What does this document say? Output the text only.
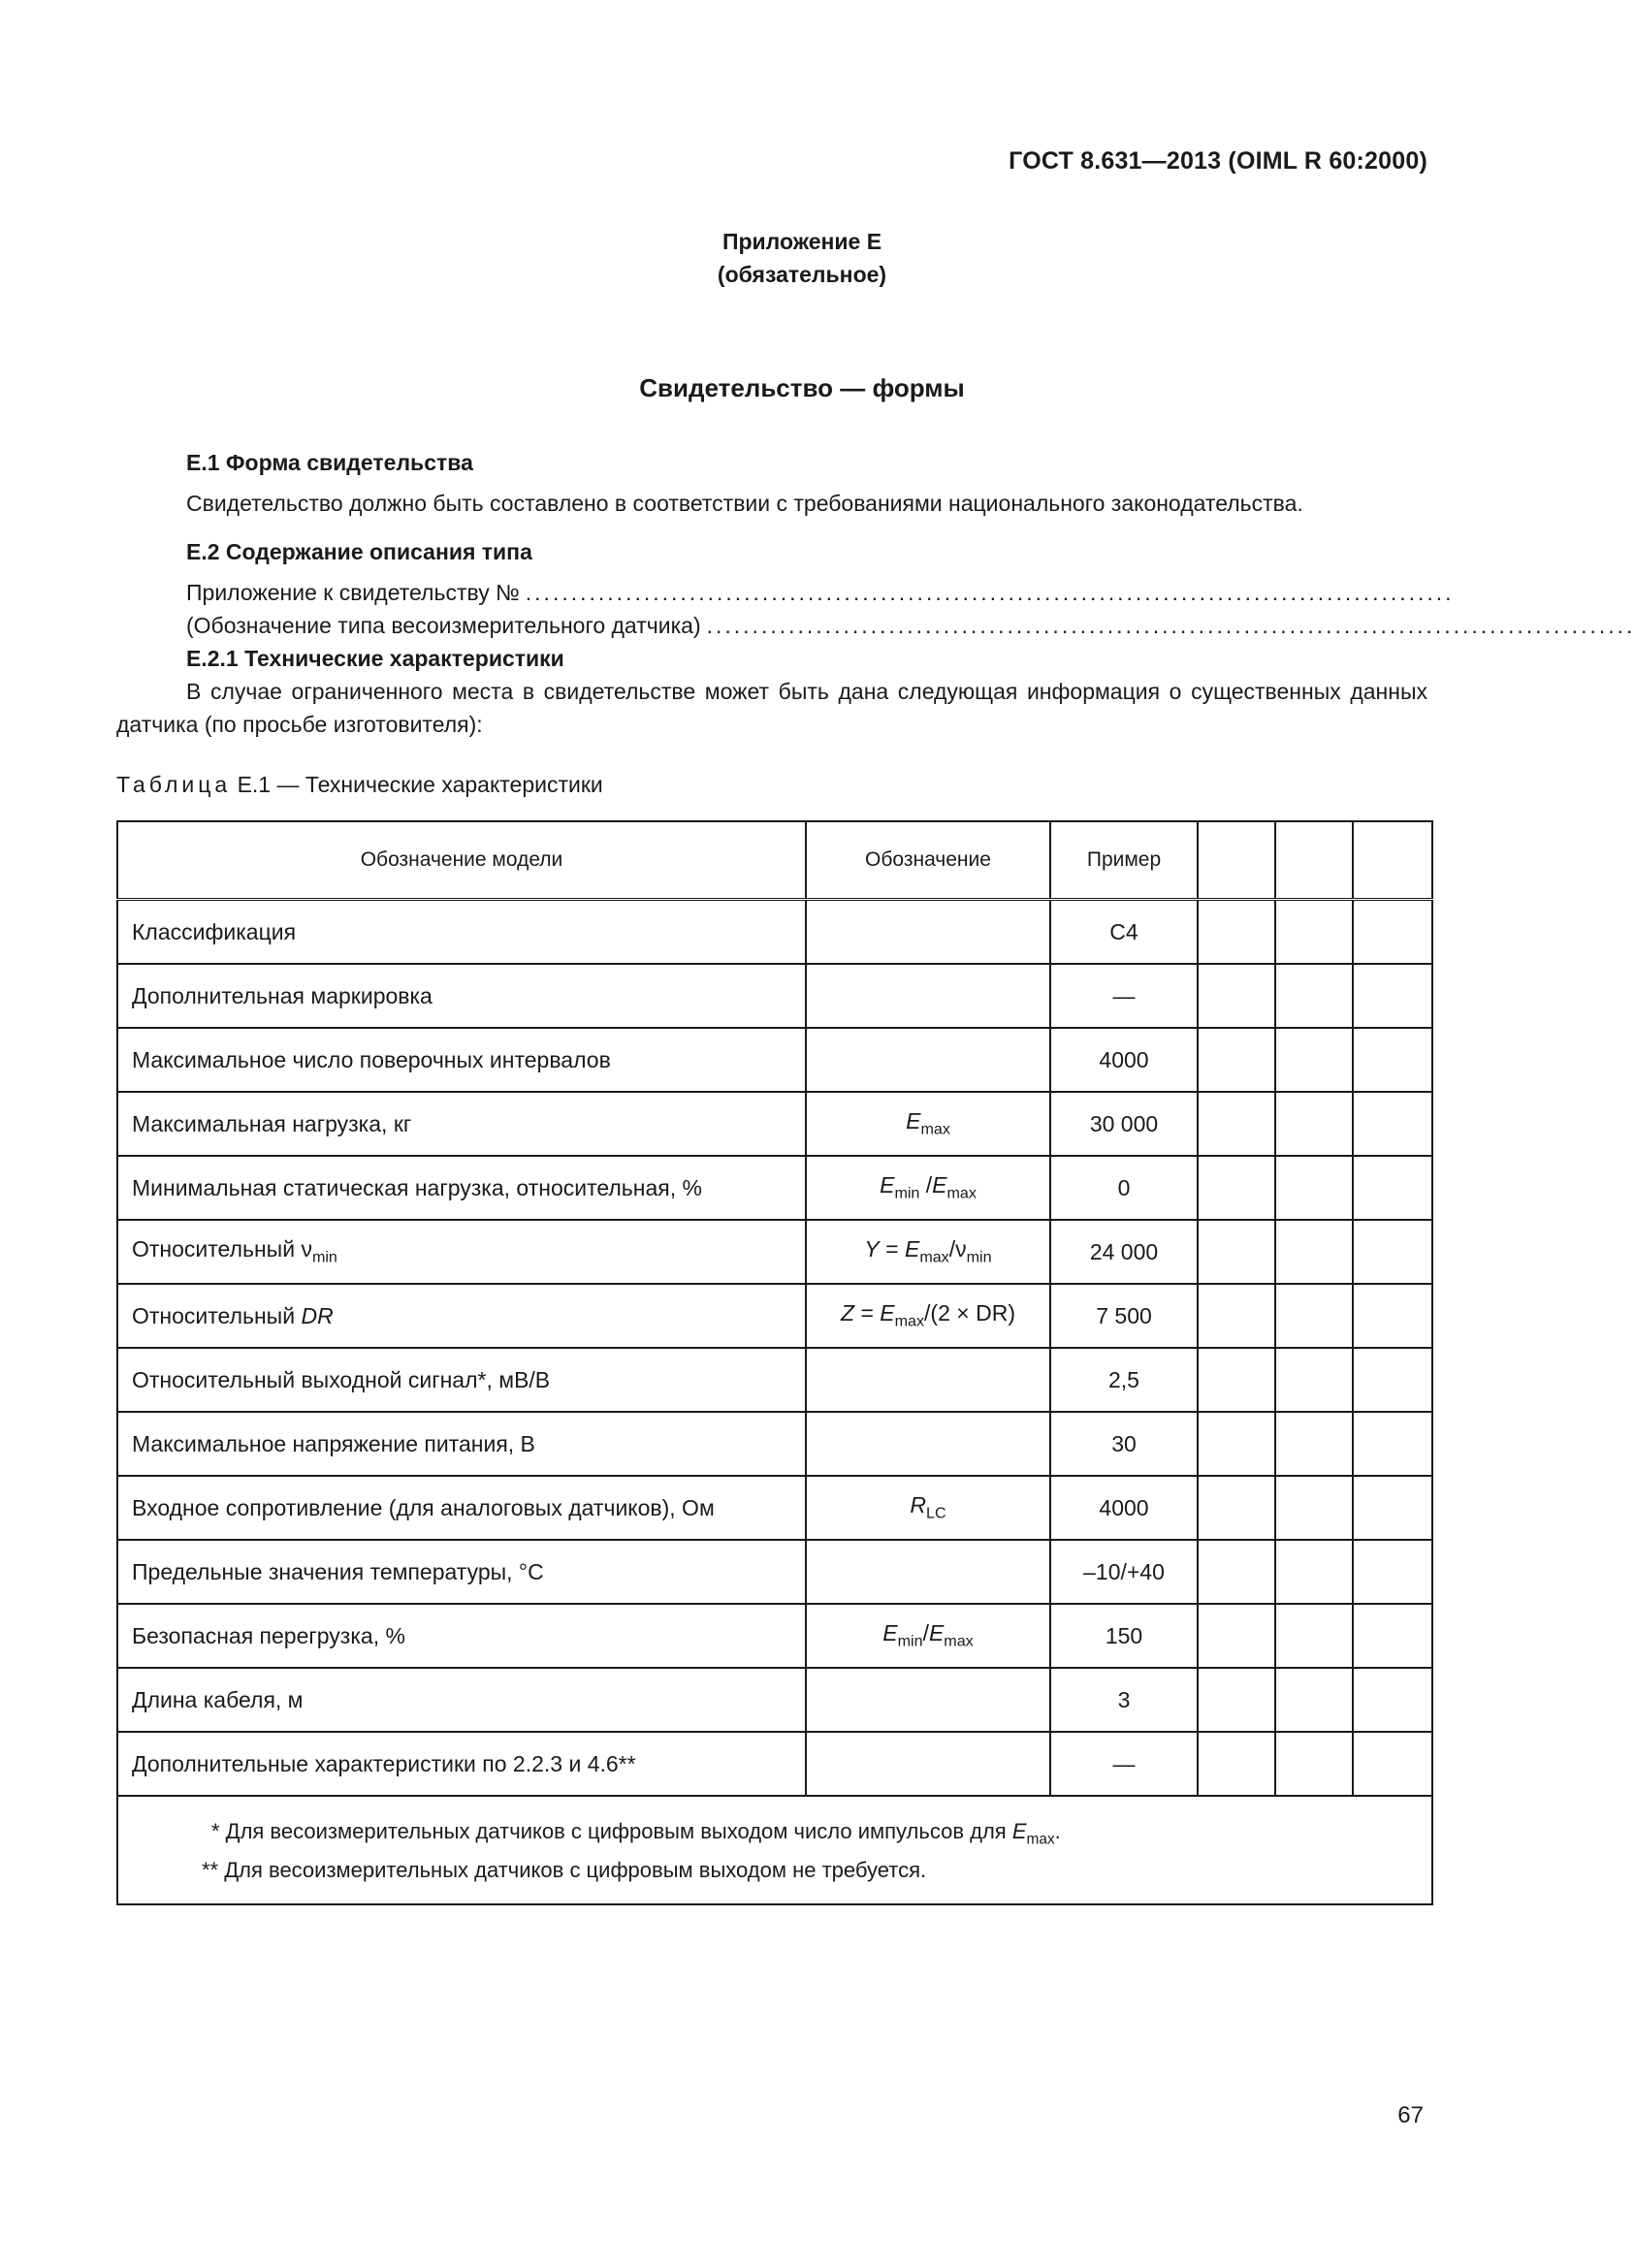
ГОСТ 8.631—2013 (OIML R 60:2000)
Приложение Е
(обязательное)
Свидетельство — формы
Е.1 Форма свидетельства
Свидетельство должно быть составлено в соответствии с требованиями национального законодательства.
Е.2 Содержание описания типа
Приложение к свидетельству № ......................................................................................................
(Обозначение типа весоизмерительного датчика) ......................................................................................................
Е.2.1 Технические характеристики
В случае ограниченного места в свидетельстве может быть дана следующая информация о существенных данных датчика (по просьбе изготовителя):
Таблица Е.1 — Технические характеристики
Обозначение модели	Обозначение	Пример			
Классификация		С4			
Дополнительная маркировка		—			
Максимальное число поверочных интервалов		4000			
Максимальная нагрузка, кг	$E_{max}$	30 000			
Минимальная статическая нагрузка, относительная, %	$E_{min}$ $/E_{max}$	0			
Относительный $\nu_{min}$	$Y = E_{max}/\nu_{min}$	24 000			
Относительный DR	$Z = E_{max}/(2 \times DR)$	7 500			
Относительный выходной сигнал*, мВ/В		2,5			
Максимальное напряжение питания, В		30			
Входное сопротивление (для аналоговых датчиков), Ом	$R_{LC}$	4000			
Предельные значения температуры, °С		–10/+40			
Безопасная перегрузка, %	$E_{min}/E_{max}$	150			
Длина кабеля, м		3			
Дополнительные характеристики по 2.2.3 и 4.6**		—			

* Для весоизмерительных датчиков с цифровым выходом число импульсов для $E_{max}$.
** Для весоизмерительных датчиков с цифровым выходом не требуется.					
67
